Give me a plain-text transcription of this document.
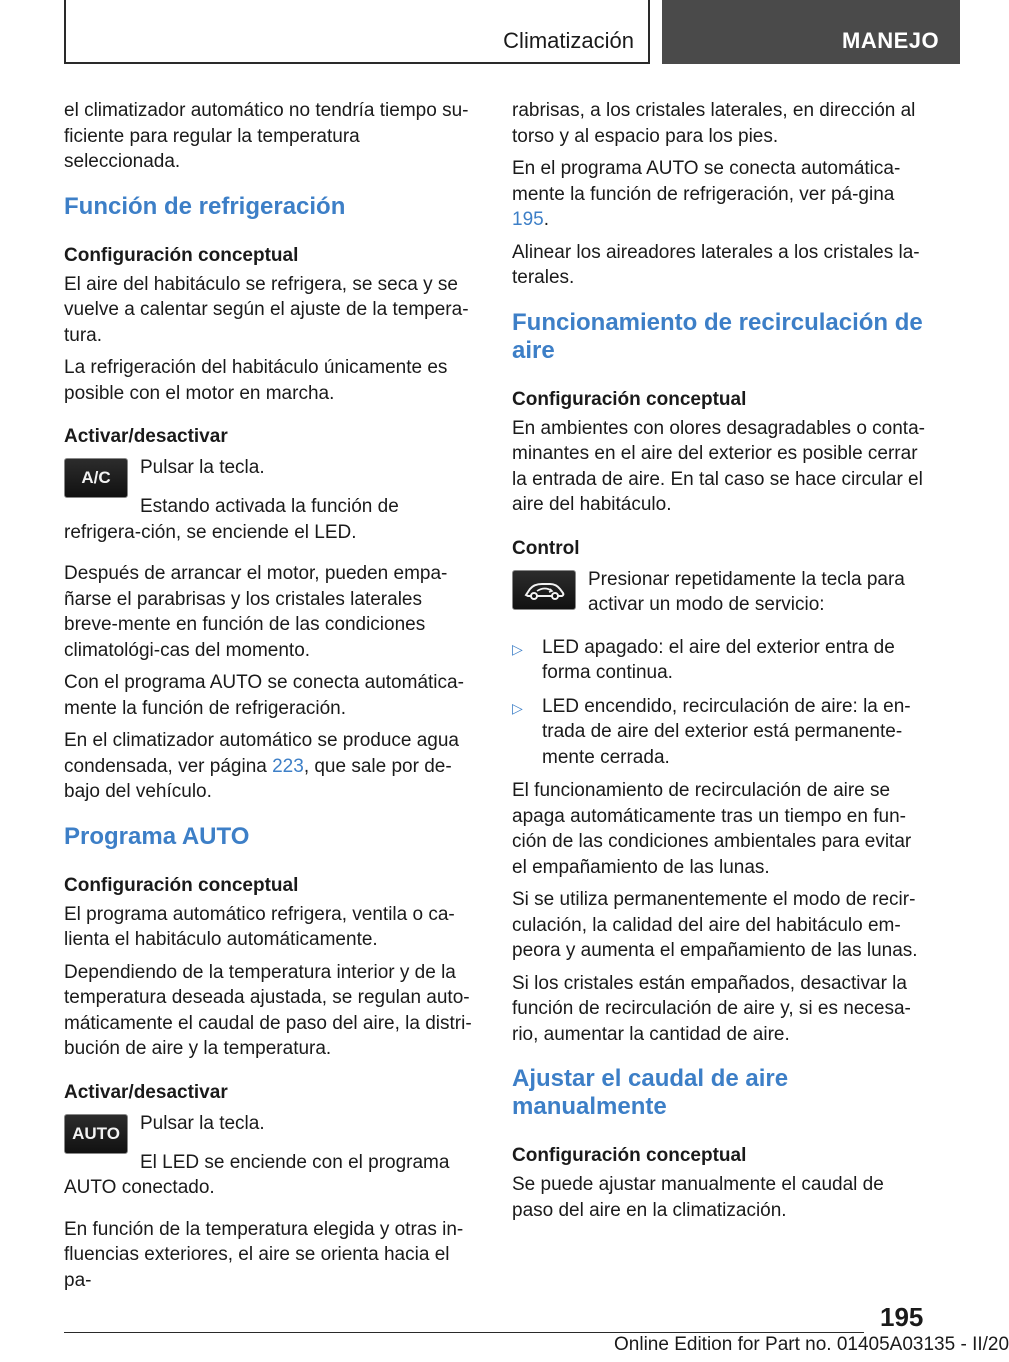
Climatización	MANEJO

el climatizador automático no tendría tiempo su-ficiente para regular la temperatura seleccionada.

Función de refrigeración
Configuración conceptual

El aire del habitáculo se refrigera, se seca y se vuelve a calentar según el ajuste de la tempera-tura.

La refrigeración del habitáculo únicamente es posible con el motor en marcha.

Activar/desactivar
A/C	Pulsar la tecla.

Estando activada la función de refrigera-ción, se enciende el LED.

Después de arrancar el motor, pueden empa-ñarse el parabrisas y los cristales laterales breve-mente en función de las condiciones climatológi-cas del momento.

Con el programa AUTO se conecta automática-mente la función de refrigeración.

En el climatizador automático se produce agua condensada, ver página 223, que sale por de-bajo del vehículo.

Programa AUTO
Configuración conceptual

El programa automático refrigera, ventila o ca-lienta el habitáculo automáticamente.

Dependiendo de la temperatura interior y de la temperatura deseada ajustada, se regulan auto-máticamente el caudal de paso del aire, la distri-bución de aire y la temperatura.

Activar/desactivar
AUTO	Pulsar la tecla.

El LED se enciende con el programa AUTO conectado.

En función de la temperatura elegida y otras in-fluencias exteriores, el aire se orienta hacia el pa-

rabrisas, a los cristales laterales, en dirección al torso y al espacio para los pies.

En el programa AUTO se conecta automática-mente la función de refrigeración, ver pá-gina 195.

Alinear los aireadores laterales a los cristales la-terales.

Funcionamiento de recirculación de aire
Configuración conceptual

En ambientes con olores desagradables o conta-minantes en el aire del exterior es posible cerrar la entrada de aire. En tal caso se hace circular el aire del habitáculo.

Control

Presionar repetidamente la tecla para activar un modo de servicio:

▷ LED apagado: el aire del exterior entra de forma continua.
▷ LED encendido, recirculación de aire: la en-trada de aire del exterior está permanente-mente cerrada.

El funcionamiento de recirculación de aire se apaga automáticamente tras un tiempo en fun-ción de las condiciones ambientales para evitar el empañamiento de las lunas.

Si se utiliza permanentemente el modo de recir-culación, la calidad del aire del habitáculo em-peora y aumenta el empañamiento de las lunas.

Si los cristales están empañados, desactivar la función de recirculación de aire y, si es necesa-rio, aumentar la cantidad de aire.

Ajustar el caudal de aire manualmente
Configuración conceptual

Se puede ajustar manualmente el caudal de paso del aire en la climatización.

195
Online Edition for Part no. 01405A03135 - II/20
